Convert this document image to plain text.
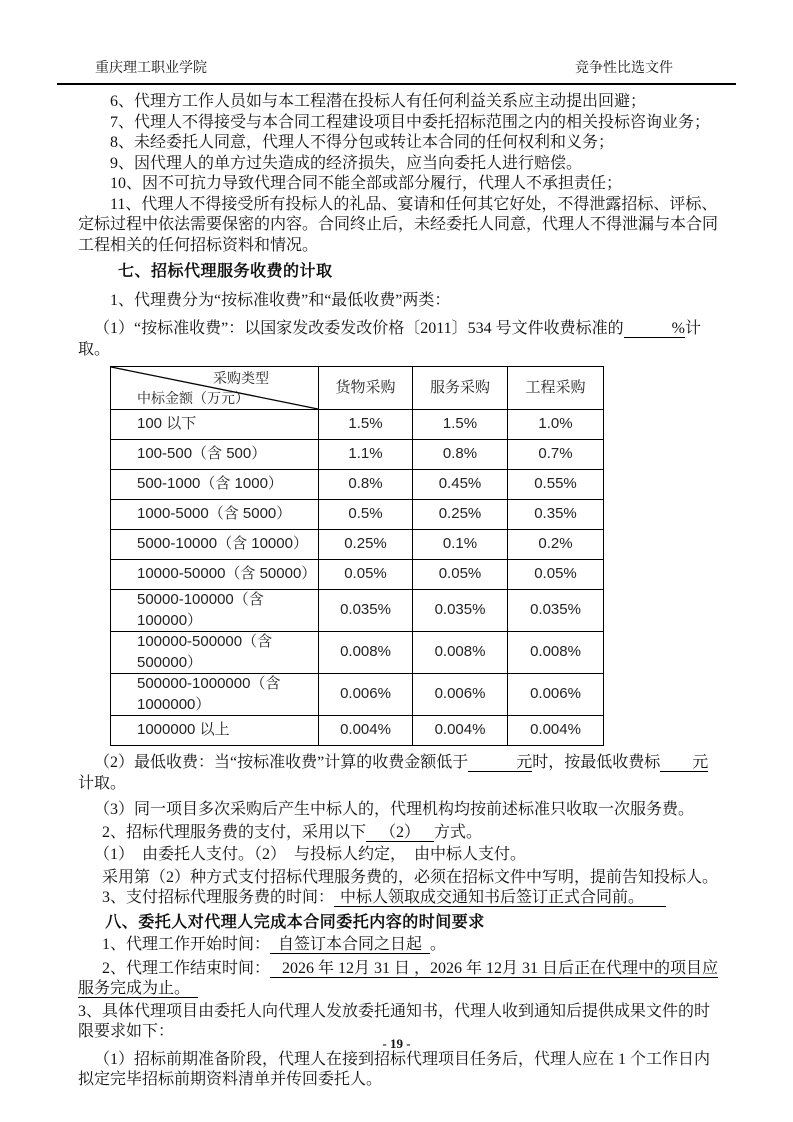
重庆理工职业学院	竞争性比选文件

6、代理方工作人员如与本工程潜在投标人有任何利益关系应主动提出回避；

7、代理人不得接受与本合同工程建设项目中委托招标范围之内的相关投标咨询业务；

8、未经委托人同意，代理人不得分包或转让本合同的任何权利和义务；

9、因代理人的单方过失造成的经济损失，应当向委托人进行赔偿。

10、因不可抗力导致代理合同不能全部或部分履行，代理人不承担责任；

11、代理人不得接受所有投标人的礼品、宴请和任何其它好处，不得泄露招标、评标、定标过程中依法需要保密的内容。合同终止后，未经委托人同意，代理人不得泄漏与本合同工程相关的任何招标资料和情况。

七、招标代理服务收费的计取

1、代理费分为“按标准收费”和“最低收费”两类：

（1）“按标准收费”：以国家发改委发改价格〔2011〕534 号文件收费标准的　　　%计取。

采购类型
中标金额（万元）	货物采购	服务采购	工程采购
100 以下	1.5%	1.5%	1.0%
100-500（含 500）	1.1%	0.8%	0.7%
500-1000（含 1000）	0.8%	0.45%	0.55%
1000-5000（含 5000）	0.5%	0.25%	0.35%
5000-10000（含 10000）	0.25%	0.1%	0.2%
10000-50000（含 50000）	0.05%	0.05%	0.05%
50000-100000（含 100000）	0.035%	0.035%	0.035%
100000-500000（含 500000）	0.008%	0.008%	0.008%
500000-1000000（含 1000000）	0.006%	0.006%	0.006%
1000000 以上	0.004%	0.004%	0.004%

（2）最低收费：当“按标准收费”计算的收费金额低于　　　元时，按最低收费标　　元计取。

（3）同一项目多次采购后产生中标人的，代理机构均按前述标准只收取一次服务费。

2、招标代理服务费的支付，采用以下 （2） 方式。

（1）　由委托人支付。（2）　与投标人约定，　由中标人支付。

采用第（2）种方式支付招标代理服务费的，必须在招标文件中写明，提前告知投标人。

3、支付招标代理服务费的时间： 中标人领取成交通知书后签订正式合同前。

八、委托人对代理人完成本合同委托内容的时间要求

1、代理工作开始时间： 自签订本合同之日起 。

2、代理工作结束时间： 2026 年 12月 31 日 ，2026 年 12月 31 日后正在代理中的项目应服务完成为止。

3、具体代理项目由委托人向代理人发放委托通知书，代理人收到通知后提供成果文件的时限要求如下：

（1）招标前期准备阶段，代理人在接到招标代理项目任务后，代理人应在 1 个工作日内拟定完毕招标前期资料清单并传回委托人。

- 19 -
